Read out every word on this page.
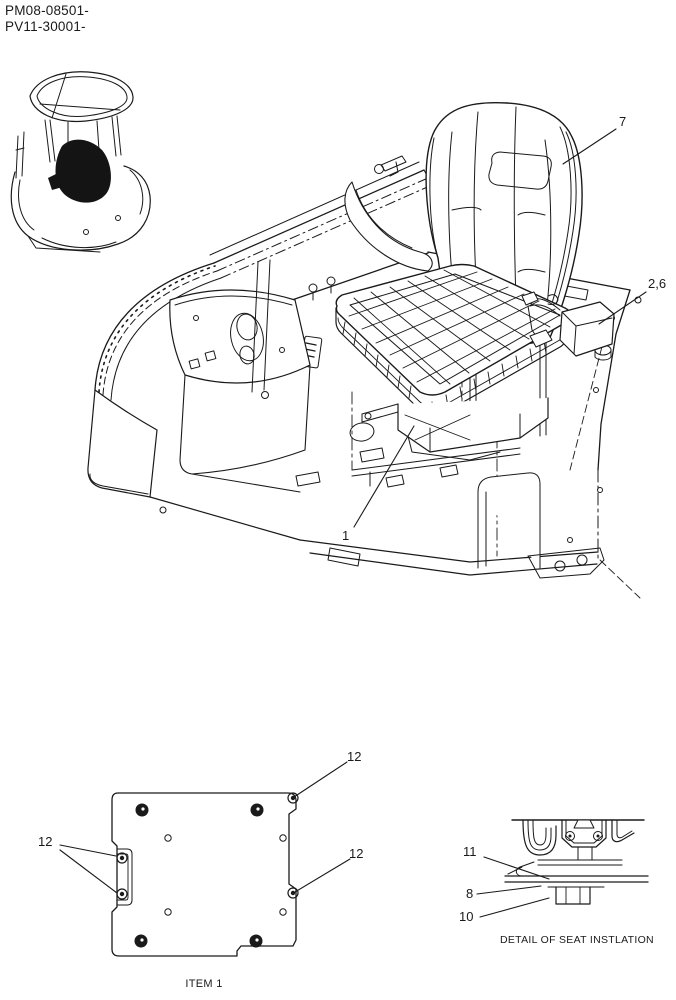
PM08-08501-
PV11-30001-
7
2,6
1
12
12
12
11
8
10
ITEM 1
DETAIL OF SEAT INSTLATION
